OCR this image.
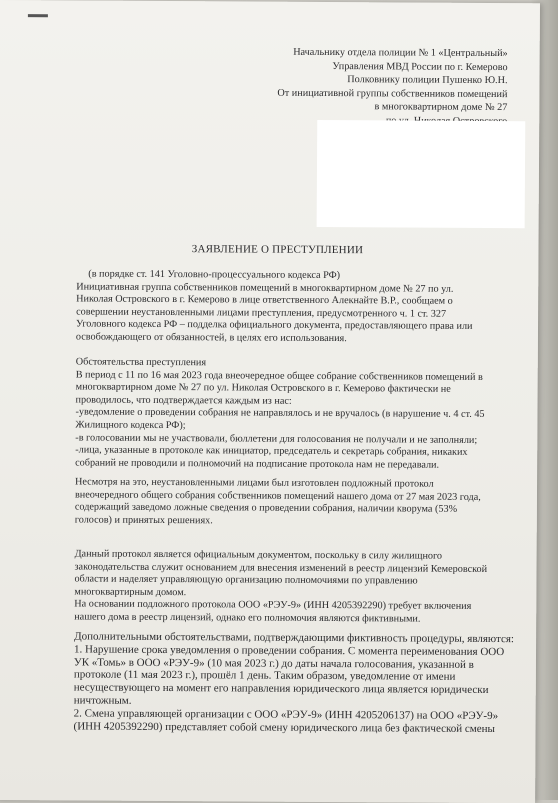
Начальнику отдела полиции № 1 «Центральный»
Управления МВД России по г. Кемерово
Полковнику полиции Пушенко Ю.Н.
От инициативной группы собственников помещений
в многоквартирном доме № 27
ЗАЯВЛЕНИЕ О ПРЕСТУПЛЕНИИ
(в порядке ст. 141 Уголовно-процессуального кодекса РФ)
Инициативная группа собственников помещений в многоквартирном доме № 27 по ул.
Николая Островского в г. Кемерово в лице ответственного Алекнайте В.Р., сообщаем о
совершении неустановленными лицами преступления, предусмотренного ч. 1 ст. 327
Уголовного кодекса РФ – подделка официального документа, предоставляющего права или
освобождающего от обязанностей, в целях его использования.
Обстоятельства преступления
В период с 11 по 16 мая 2023 года внеочередное общее собрание собственников помещений в
многоквартирном доме № 27 по ул. Николая Островского в г. Кемерово фактически не
проводилось, что подтверждается каждым из нас:
-уведомление о проведении собрания не направлялось и не вручалось (в нарушение ч. 4 ст. 45
Жилищного кодекса РФ);
-в голосовании мы не участвовали, бюллетени для голосования не получали и не заполняли;
-лица, указанные в протоколе как инициатор, председатель и секретарь собрания, никаких
собраний не проводили и полномочий на подписание протокола нам не передавали.
Несмотря на это, неустановленными лицами был изготовлен подложный протокол
внеочередного общего собрания собственников помещений нашего дома от 27 мая 2023 года,
содержащий заведомо ложные сведения о проведении собрания, наличии кворума (53%
голосов) и принятых решениях.
Данный протокол является официальным документом, поскольку в силу жилищного
законодательства служит основанием для внесения изменений в реестр лицензий Кемеровской
области и наделяет управляющую организацию полномочиями по управлению
многоквартирным домом.
На основании подложного протокола ООО «РЭУ-9» (ИНН 4205392290) требует включения
нашего дома в реестр лицензий, однако его полномочия являются фиктивными.
Дополнительными обстоятельствами, подтверждающими фиктивность процедуры, являются:
1. Нарушение срока уведомления о проведении собрания. С момента переименования ООО
УК «Томь» в ООО «РЭУ-9» (10 мая 2023 г.) до даты начала голосования, указанной в
протоколе (11 мая 2023 г.), прошёл 1 день. Таким образом, уведомление от имени
несуществующего на момент его направления юридического лица является юридически
ничтожным.
2. Смена управляющей организации с ООО «РЭУ-9» (ИНН 4205206137) на ООО «РЭУ-9»
(ИНН 4205392290) представляет собой смену юридического лица без фактической смены
